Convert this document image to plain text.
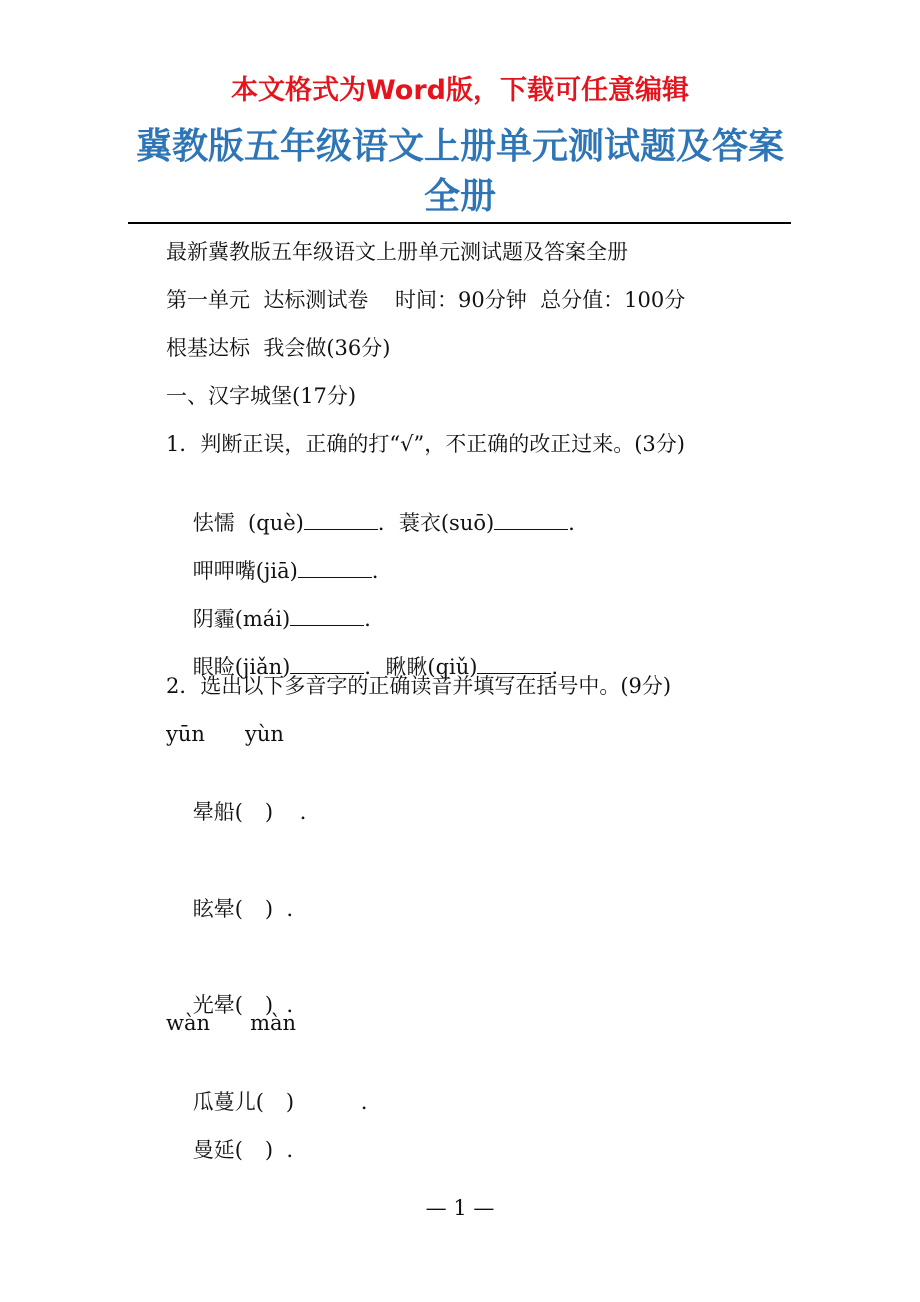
本文格式为Word版，下载可任意编辑
冀教版五年级语文上册单元测试题及答案
全册
最新冀教版五年级语文上册单元测试题及答案全册
第一单元  达标测试卷    时间：90分钟  总分值：100分
根基达标  我会做(36分)
一、汉字城堡(17分)
1．判断正误，正确的打“√”，不正确的改正过来。(3分)

怯懦  (què)	．蓑衣(suō)	．

呷呷嘴(jiā)	．

阴霾(mái)	．

眼睑(jiǎn)	．瞅瞅(qiǔ)	．

2．选出以下多音字的正确读音并填写在括号中。(9分)
yūn      yùn

晕船( )    ．

眩晕( )  ．

光晕( )  ．

wàn      màn

瓜蔓儿( )          ．

曼延( )  ．

— 1 —
